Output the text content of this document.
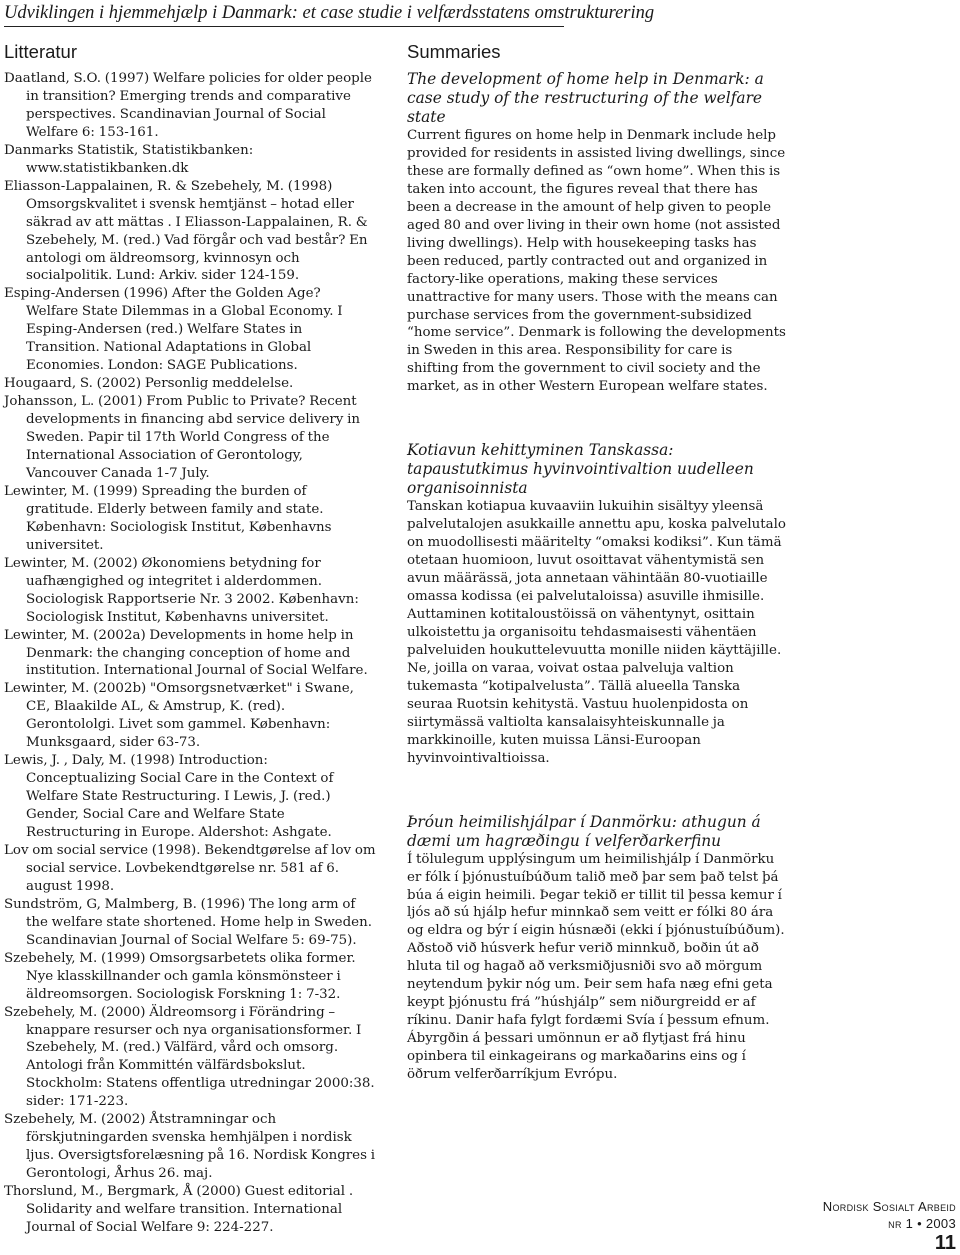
Udviklingen i hjemmehjælp i Danmark: et case studie i velfærdsstatens omstrukturering
Litteratur
Daatland, S.O. (1997) Welfare policies for older people in transition? Emerging trends and comparative perspectives. Scandinavian Journal of Social Welfare 6: 153-161.
Danmarks Statistik, Statistikbanken: www.statistikbanken.dk
Eliasson-Lappalainen, R. & Szebehely, M. (1998) Omsorgskvalitet i svensk hemtjänst – hotad eller säkrad av att mättas . I Eliasson-Lappalainen, R. & Szebehely, M. (red.) Vad förgår och vad består? En antologi om äldreomsorg, kvinnosyn och socialpolitik. Lund: Arkiv. sider 124-159.
Esping-Andersen (1996) After the Golden Age? Welfare State Dilemmas in a Global Economy. I Esping-Andersen (red.) Welfare States in Transition. National Adaptations in Global Economies. London: SAGE Publications.
Hougaard, S. (2002) Personlig meddelelse.
Johansson, L. (2001) From Public to Private? Recent developments in financing abd service delivery in Sweden. Papir til 17th World Congress of the International Association of Gerontology, Vancouver Canada 1-7 July.
Lewinter, M. (1999) Spreading the burden of gratitude. Elderly between family and state. København: Sociologisk Institut, Københavns universitet.
Lewinter, M. (2002) Økonomiens betydning for uafhængighed og integritet i alderdommen. Sociologisk Rapportserie Nr. 3 2002. København: Sociologisk Institut, Københavns universitet.
Lewinter, M. (2002a) Developments in home help in Denmark: the changing conception of home and institution. International Journal of Social Welfare.
Lewinter, M. (2002b) "Omsorgsnetværket" i Swane, CE, Blaakilde AL, & Amstrup, K. (red). Gerontololgi. Livet som gammel. København: Munksgaard, sider 63-73.
Lewis, J. , Daly, M. (1998) Introduction: Conceptualizing Social Care in the Context of Welfare State Restructuring. I Lewis, J. (red.) Gender, Social Care and Welfare State Restructuring in Europe. Aldershot: Ashgate.
Lov om social service (1998). Bekendtgørelse af lov om social service. Lovbekendtgørelse nr. 581 af 6. august 1998.
Sundström, G, Malmberg, B. (1996) The long arm of the welfare state shortened. Home help in Sweden. Scandinavian Journal of Social Welfare 5: 69-75).
Szebehely, M. (1999) Omsorgsarbetets olika former. Nye klasskillnander och gamla könsmönsteer i äldreomsorgen. Sociologisk Forskning 1: 7-32.
Szebehely, M. (2000) Äldreomsorg i Förändring – knappare resurser och nya organisationsformer. I Szebehely, M. (red.) Välfärd, vård och omsorg. Antologi från Kommittén välfärdsbokslut. Stockholm: Statens offentliga utredningar 2000:38. sider: 171-223.
Szebehely, M. (2002) Åtstramningar och förskjutningarden svenska hemhjälpen i nordisk ljus. Oversigtsforelæsning på 16. Nordisk Kongres i Gerontologi, Århus 26. maj.
Thorslund, M., Bergmark, Å (2000) Guest editorial . Solidarity and welfare transition. International Journal of Social Welfare 9: 224-227.
Summaries
The development of home help in Denmark: a case study of the restructuring of the welfare state
Current figures on home help in Denmark include help provided for residents in assisted living dwellings, since these are formally defined as “own home”. When this is taken into account, the figures reveal that there has been a decrease in the amount of help given to people aged 80 and over living in their own home (not assisted living dwellings). Help with housekeeping tasks has been reduced, partly contracted out and organized in factory-like operations, making these services unattractive for many users. Those with the means can purchase services from the government-subsidized “home service”. Denmark is following the developments in Sweden in this area. Responsibility for care is shifting from the government to civil society and the market, as in other Western European welfare states.
Kotiavun kehittyminen Tanskassa: tapaustutkimus hyvinvointivaltion uudelleen organisoinnista
Tanskan kotiapua kuvaaviin lukuihin sisältyy yleensä palvelutalojen asukkaille annettu apu, koska palvelutalo on muodollisesti määritelty “omaksi kodiksi”. Kun tämä otetaan huomioon, luvut osoittavat vähentymistä sen avun määrässä, jota annetaan vähintään 80-vuotiaille omassa kodissa (ei palvelutaloissa) asuville ihmisille. Auttaminen kotitaloustöissä on vähentynyt, osittain ulkoistettu ja organisoitu tehdasmaisesti vähentäen palveluiden houkuttelevuutta monille niiden käyttäjille. Ne, joilla on varaa, voivat ostaa palveluja valtion tukemasta “kotipalvelusta”. Tällä alueella Tanska seuraa Ruotsin kehitystä. Vastuu huolenpidosta on siirtymässä valtiolta kansalaisyhteiskunnalle ja markkinoille, kuten muissa Länsi-Euroopan hyvinvointivaltioissa.
Þróun heimilishjálpar í Danmörku: athugun á dæmi um hagræðingu í velferðarkerfinu
Í tölulegum upplýsingum um heimilishjálp í Danmörku er fólk í þjónustuíbúðum talið með þar sem það telst þá búa á eigin heimili. Þegar tekið er tillit til þessa kemur í ljós að sú hjálp hefur minnkað sem veitt er fólki 80 ára og eldra og býr í eigin húsnæði (ekki í þjónustuíbúðum). Aðstoð við húsverk hefur verið minnkuð, boðin út að hluta til og hagað að verksmiðjusniði svo að mörgum neytendum þykir nóg um. Þeir sem hafa næg efni geta keypt þjónustu frá ”húshjálp” sem niðurgreidd er af ríkinu. Danir hafa fylgt fordæmi Svía í þessum efnum. Ábyrgðin á þessari umönnun er að flytjast frá hinu opinbera til einkageirans og markaðarins eins og í öðrum velferðarríkjum Evrópu.
Nordisk Sosialt Arbeid
nr 1 • 2003
11
